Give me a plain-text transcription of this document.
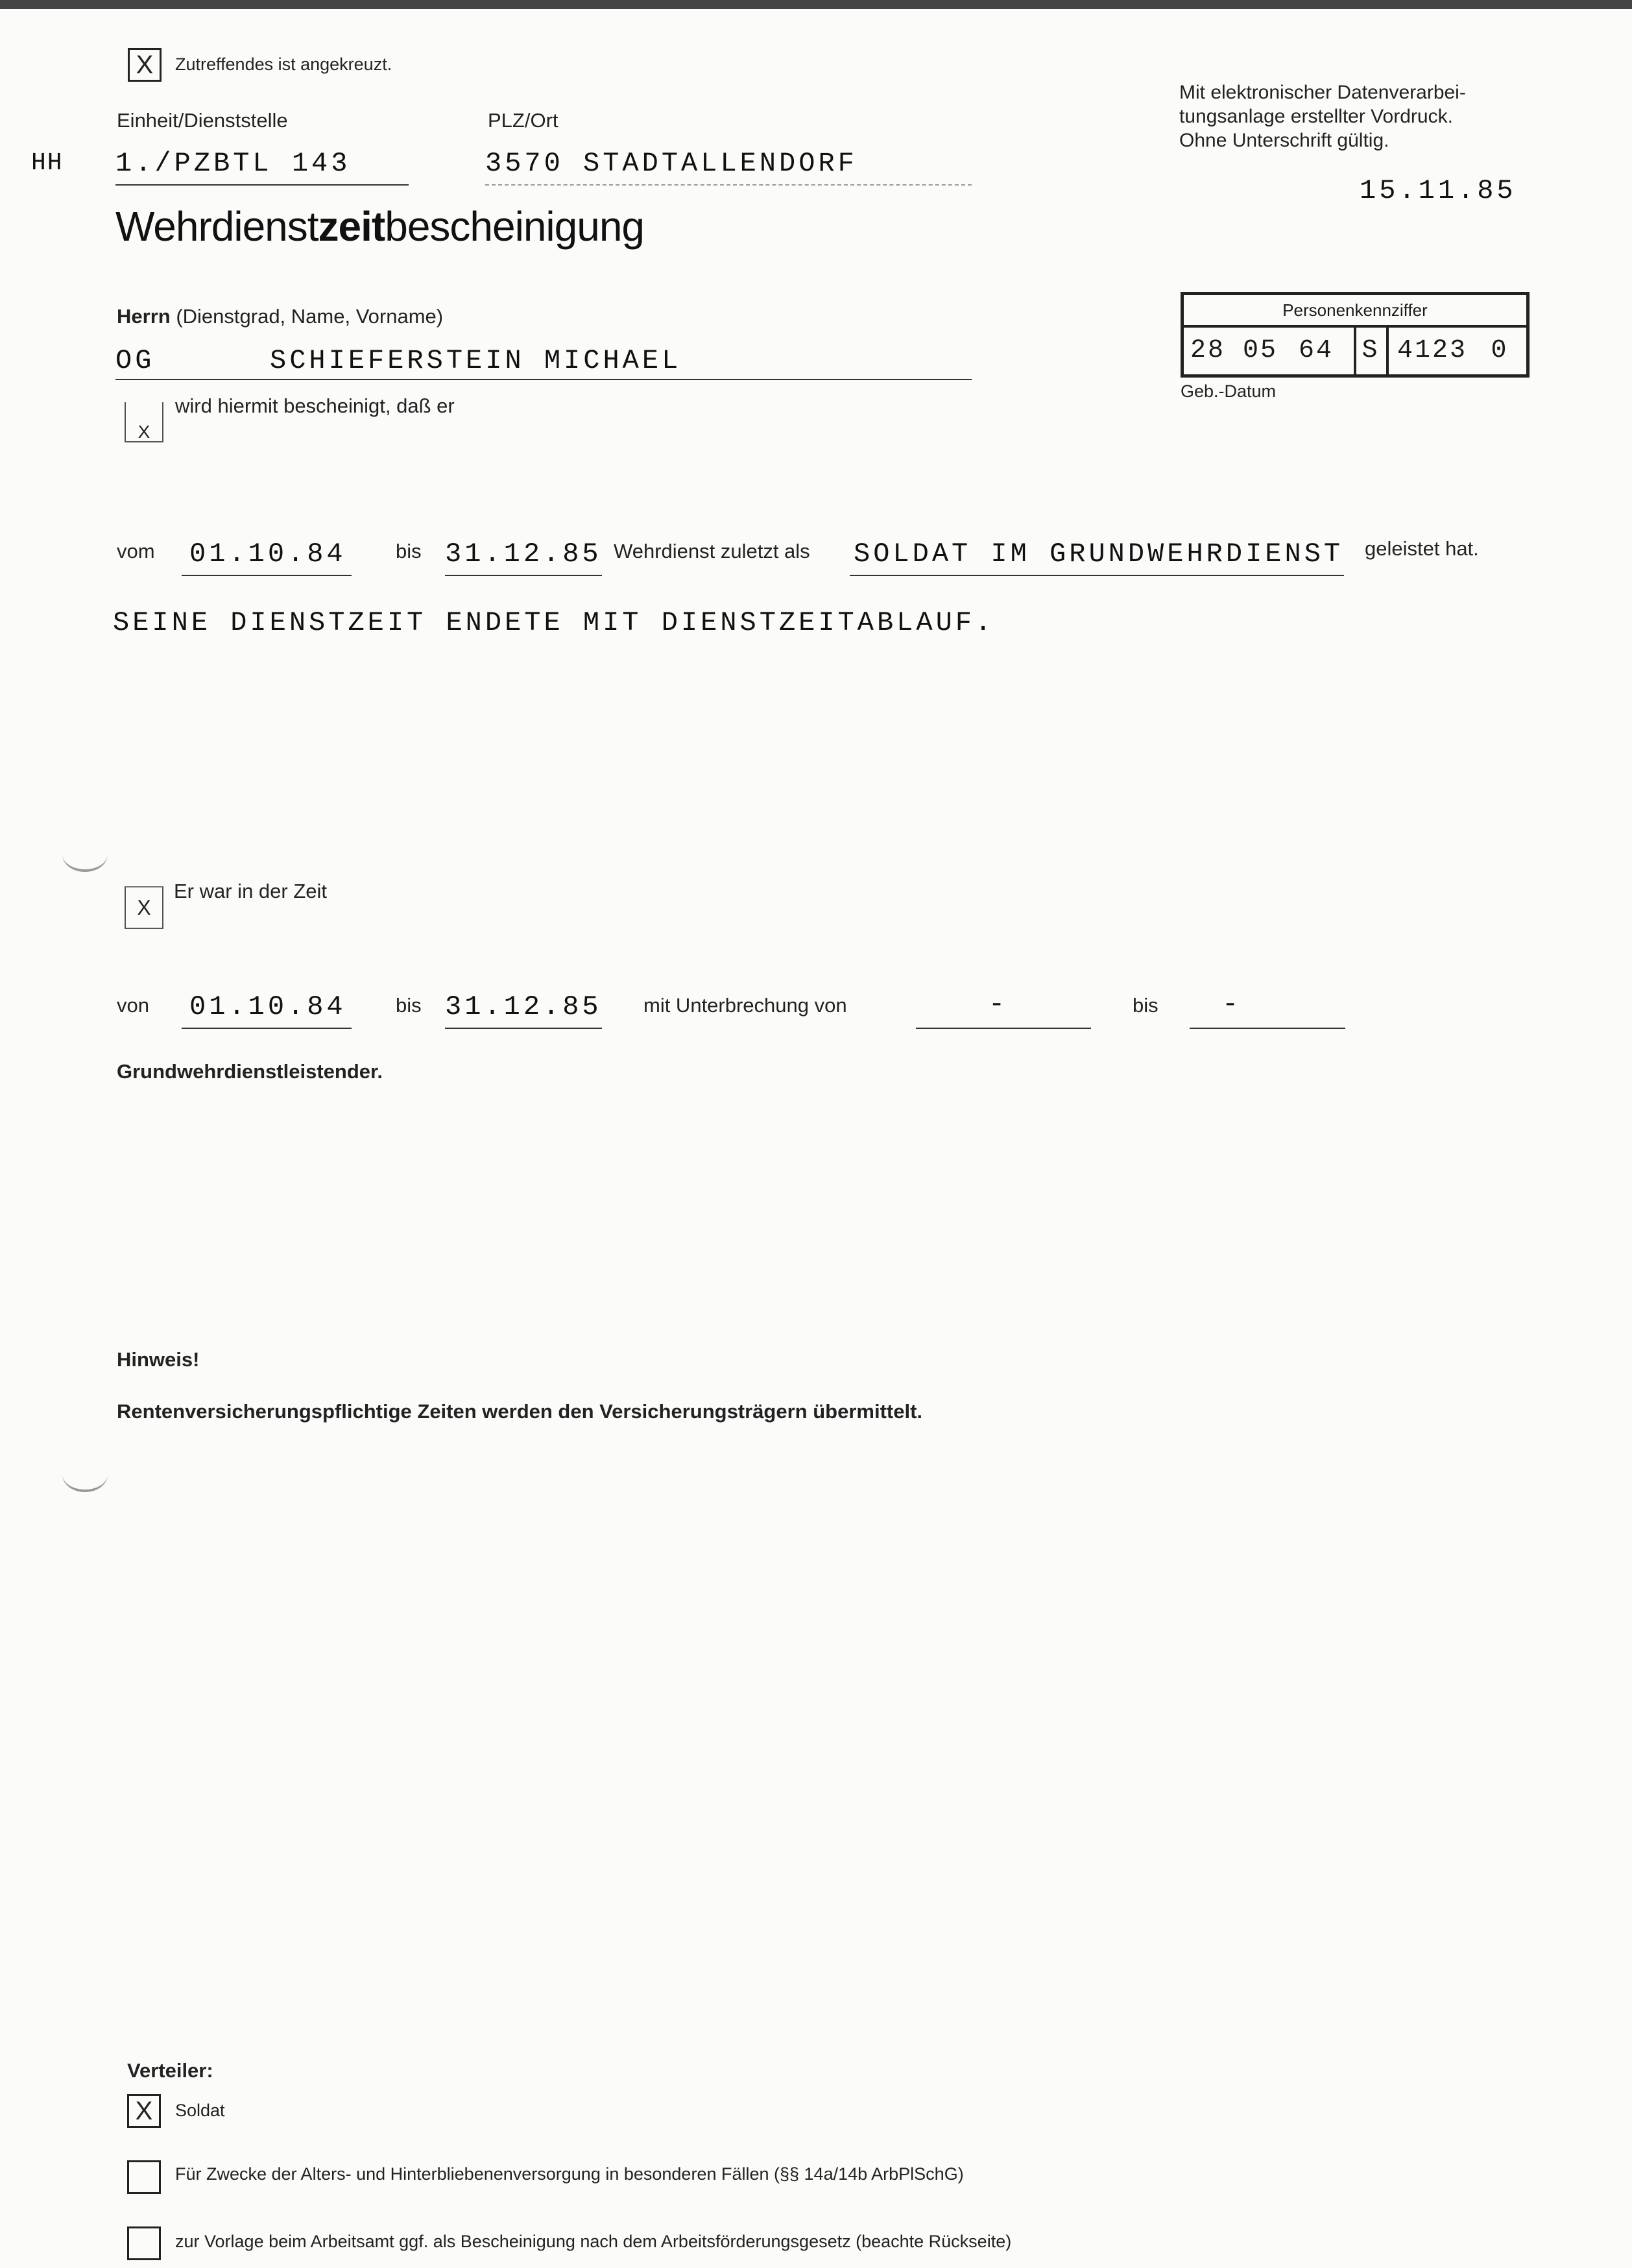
X Zutreffendes ist angekreuzt.
Einheit/Dienststelle
HH 1./PZBTL 143
PLZ/Ort
3570 STADTALLENDORF
Mit elektronischer Datenverarbei-
tungsanlage erstellter Vordruck.
Ohne Unterschrift gültig.
15.11.85
Wehrdienstzeitbescheinigung
Herrn (Dienstgrad, Name, Vorname)
OG	SCHIEFERSTEIN MICHAEL
Personenkennziffer
28 05 64 S 4123 0
Geb.-Datum
X
wird hiermit bescheinigt, daß er
vom 01.10.84 bis 31.12.85 Wehrdienst zuletzt als SOLDAT IM GRUNDWEHRDIENST geleistet hat.
SEINE DIENSTZEIT ENDETE MIT DIENSTZEITABLAUF.
X
Er war in der Zeit
von 01.10.84 bis 31.12.85 mit Unterbrechung von	-	bis -
Grundwehrdienstleistender.
Hinweis!
Rentenversicherungspflichtige Zeiten werden den Versicherungsträgern übermittelt.
Verteiler:
X Soldat
Für Zwecke der Alters- und Hinterbliebenenversorgung in besonderen Fällen (§§ 14a/14b ArbPlSchG)
zur Vorlage beim Arbeitsamt ggf. als Bescheinigung nach dem Arbeitsförderungsgesetz (beachte Rückseite)
